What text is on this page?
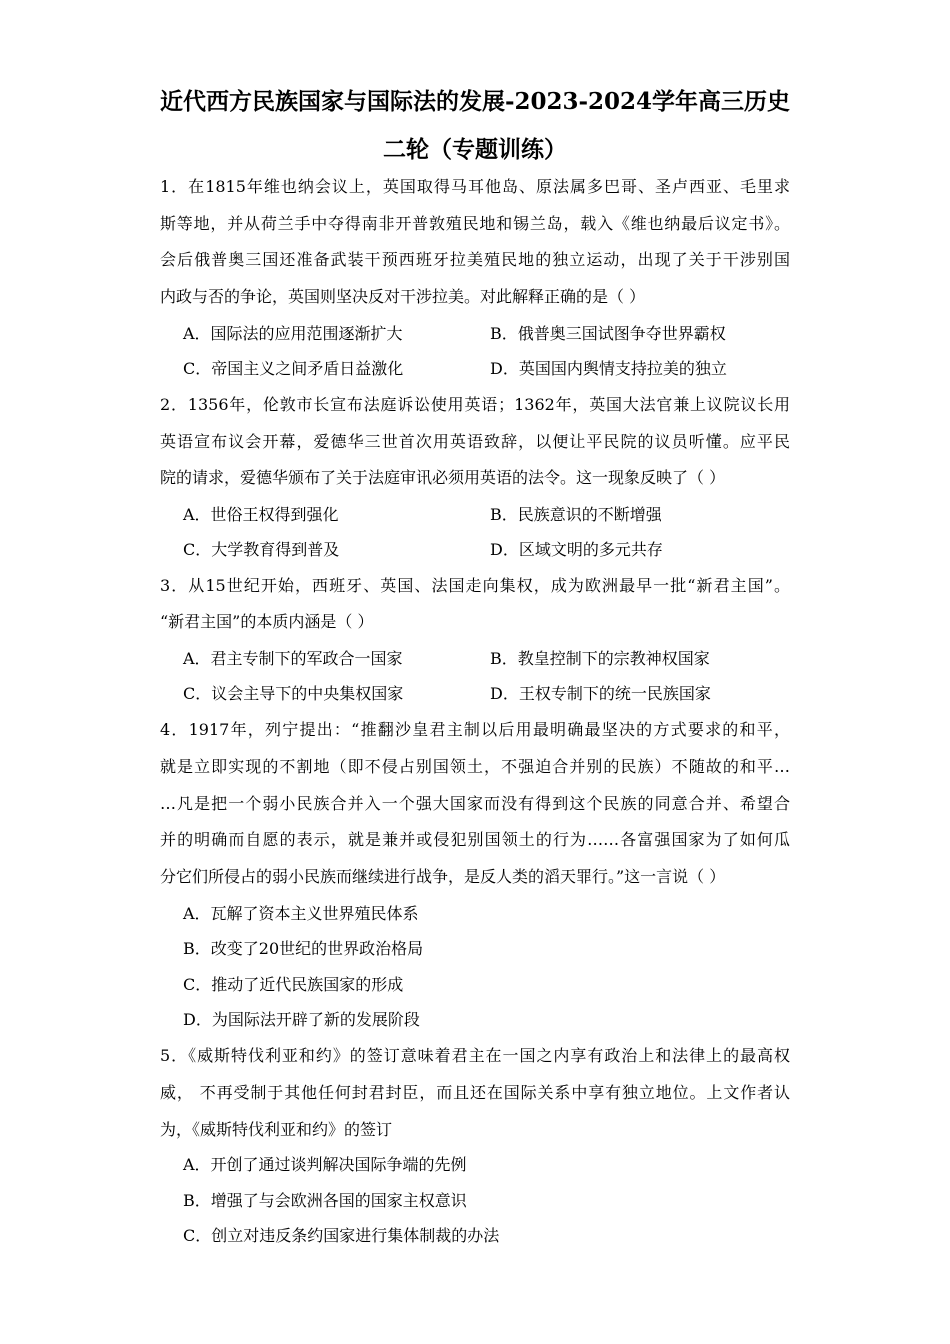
近代西方民族国家与国际法的发展-2023-2024学年高三历史
二轮（专题训练）
1．在1815年维也纳会议上，英国取得马耳他岛、原法属多巴哥、圣卢西亚、毛里求
斯等地，并从荷兰手中夺得南非开普敦殖民地和锡兰岛，载入《维也纳最后议定书》。
会后俄普奥三国还准备武装干预西班牙拉美殖民地的独立运动，出现了关于干涉别国
内政与否的争论，英国则坚决反对干涉拉美。对此解释正确的是（ ）
A．国际法的应用范围逐渐扩大	B．俄普奥三国试图争夺世界霸权
C．帝国主义之间矛盾日益激化	D．英国国内舆情支持拉美的独立
2．1356年，伦敦市长宣布法庭诉讼使用英语；1362年，英国大法官兼上议院议长用
英语宣布议会开幕，爱德华三世首次用英语致辞，以便让平民院的议员听懂。应平民
院的请求，爱德华颁布了关于法庭审讯必须用英语的法令。这一现象反映了（ ）
A．世俗王权得到强化	B．民族意识的不断增强
C．大学教育得到普及	D．区域文明的多元共存
3．从15世纪开始，西班牙、英国、法国走向集权，成为欧洲最早一批“新君主国”。
“新君主国”的本质内涵是（ ）
A．君主专制下的军政合一国家	B．教皇控制下的宗教神权国家
C．议会主导下的中央集权国家	D．王权专制下的统一民族国家
4．1917年，列宁提出：“推翻沙皇君主制以后用最明确最坚决的方式要求的和平，
就是立即实现的不割地（即不侵占别国领土，不强迫合并别的民族）不随故的和平…
…凡是把一个弱小民族合并入一个强大国家而没有得到这个民族的同意合并、希望合
并的明确而自愿的表示，就是兼并或侵犯别国领土的行为……各富强国家为了如何瓜
分它们所侵占的弱小民族而继续进行战争，是反人类的滔天罪行。”这一言说（ ）
A．瓦解了资本主义世界殖民体系
B．改变了20世纪的世界政治格局
C．推动了近代民族国家的形成
D．为国际法开辟了新的发展阶段
5．《威斯特伐利亚和约》的签订意味着君主在一国之内享有政治上和法律上的最高权
威， 不再受制于其他任何封君封臣，而且还在国际关系中享有独立地位。上文作者认
为，《威斯特伐利亚和约》的签订
A．开创了通过谈判解决国际争端的先例
B．增强了与会欧洲各国的国家主权意识
C．创立对违反条约国家进行集体制裁的办法
